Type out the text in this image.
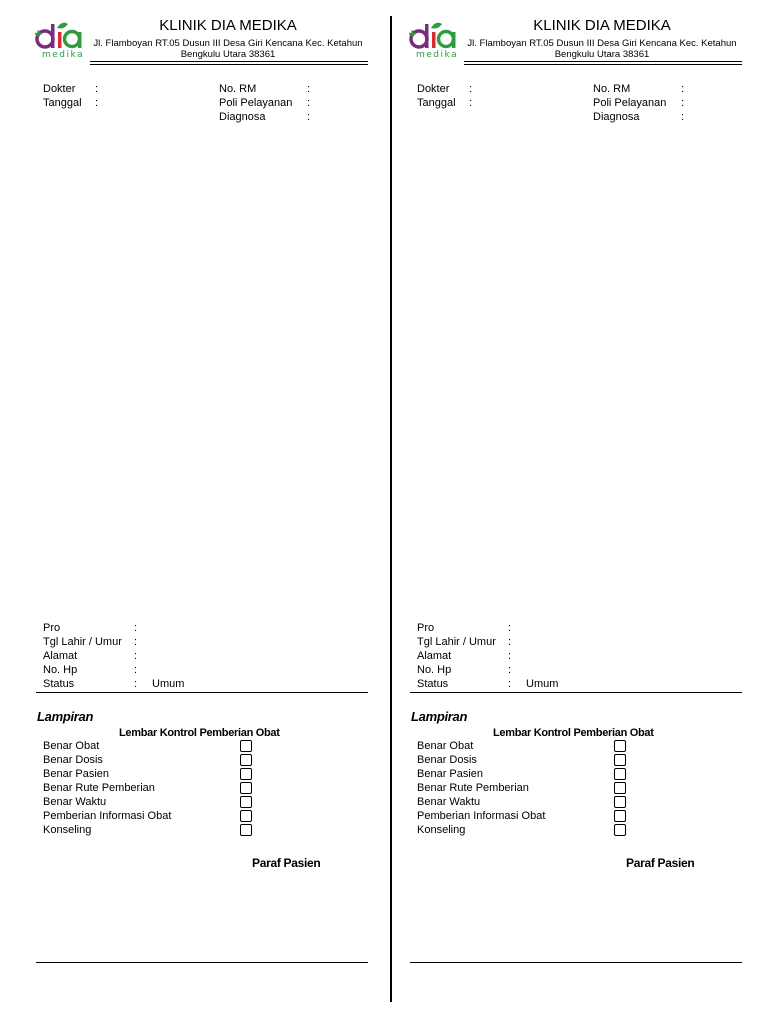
medika
KLINIK DIA MEDIKA
Jl. Flamboyan RT.05 Dusun III Desa Giri Kencana Kec. Ketahun
Bengkulu Utara 38361
Dokter :
Tanggal :
No. RM	:
Poli Pelayanan :
Diagnosa	:
Pro	:
Tgl Lahir / Umur :
Alamat	:
No. Hp	:
Status	: Umum
Lampiran
Lembar Kontrol Pemberian Obat
Benar Obat
Benar Dosis
Benar Pasien
Benar Rute Pemberian
Benar Waktu
Pemberian Informasi Obat
Konseling
Paraf Pasien
medika
KLINIK DIA MEDIKA
Jl. Flamboyan RT.05 Dusun III Desa Giri Kencana Kec. Ketahun
Bengkulu Utara 38361
Dokter :
Tanggal :
No. RM	:
Poli Pelayanan :
Diagnosa	:
Pro	:
Tgl Lahir / Umur :
Alamat	:
No. Hp	:
Status	: Umum
Lampiran
Lembar Kontrol Pemberian Obat
Benar Obat
Benar Dosis
Benar Pasien
Benar Rute Pemberian
Benar Waktu
Pemberian Informasi Obat
Konseling
Paraf Pasien
